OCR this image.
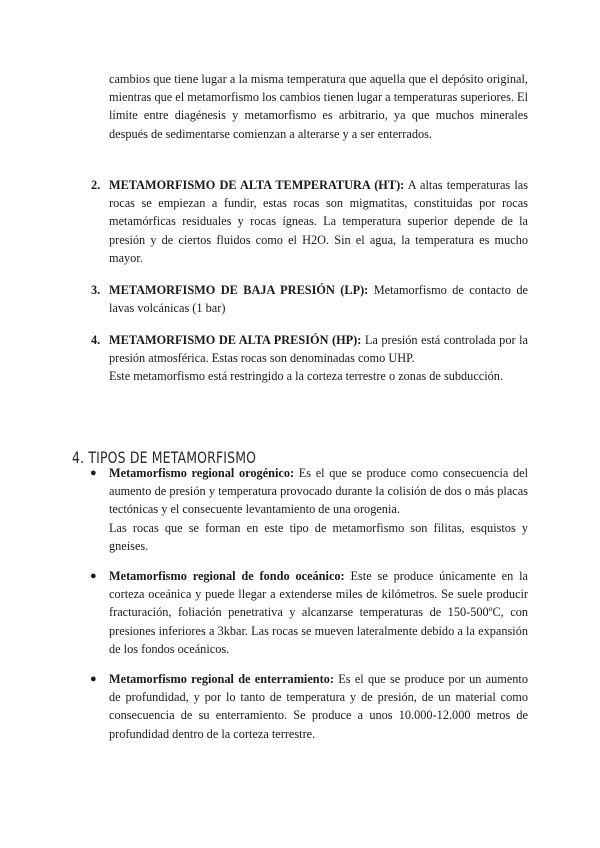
cambios que tiene lugar a la misma temperatura que aquella que el depósito original, mientras que el metamorfismo los cambios tienen lugar a temperaturas superiores. El límite entre diagénesis y metamorfismo es arbitrario, ya que muchos minerales después de sedimentarse comienzan a alterarse y a ser enterrados.

2. METAMORFISMO DE ALTA TEMPERATURA (HT): A altas temperaturas las rocas se empiezan a fundir, estas rocas son migmatitas, constituidas por rocas metamórficas residuales y rocas ígneas. La temperatura superior depende de la presión y de ciertos fluidos como el H2O. Sin el agua, la temperatura es mucho mayor.

3. METAMORFISMO DE BAJA PRESIÓN (LP): Metamorfismo de contacto de lavas volcánicas (1 bar)

4. METAMORFISMO DE ALTA PRESIÓN (HP): La presión está controlada por la presión atmosférica. Estas rocas son denominadas como UHP.

Este metamorfismo está restringido a la corteza terrestre o zonas de subducción.

4. TIPOS DE METAMORFISMO
● Metamorfismo regional orogénico: Es el que se produce como consecuencia del aumento de presión y temperatura provocado durante la colisión de dos o más placas tectónicas y el consecuente levantamiento de una orogenia.

Las rocas que se forman en este tipo de metamorfismo son filitas, esquistos y gneises.

● Metamorfismo regional de fondo oceánico: Este se produce únicamente en la corteza oceánica y puede llegar a extenderse miles de kilómetros. Se suele producir fracturación, foliación penetrativa y alcanzarse temperaturas de 150-500ºC, con presiones inferiores a 3kbar. Las rocas se mueven lateralmente debido a la expansión de los fondos oceánicos.

● Metamorfismo regional de enterramiento: Es el que se produce por un aumento de profundidad, y por lo tanto de temperatura y de presión, de un material como consecuencia de su enterramiento. Se produce a unos 10.000-12.000 metros de profundidad dentro de la corteza terrestre.
